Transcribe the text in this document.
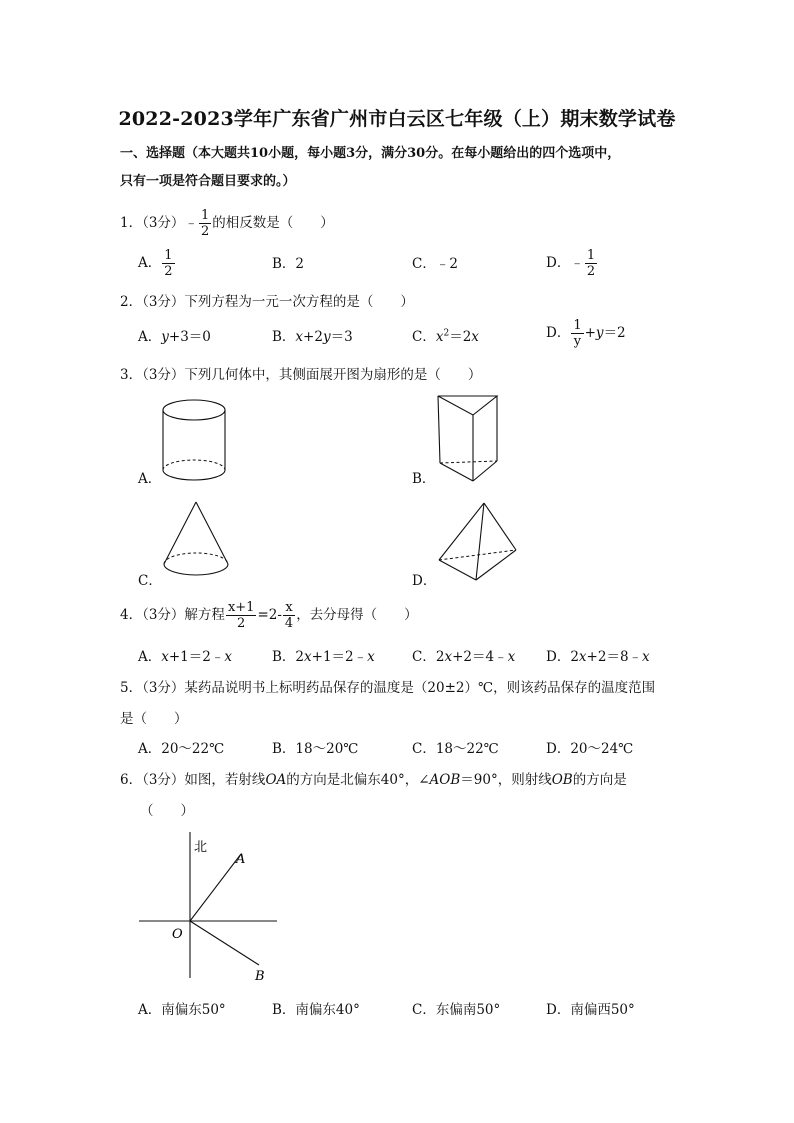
2022-2023学年广东省广州市白云区七年级（上）期末数学试卷
一、选择题（本大题共10小题，每小题3分，满分30分。在每小题给出的四个选项中，
只有一项是符合题目要求的。）
1．（3分）﹣ $\frac{1}{2}$ 的相反数是（　　）
A． $\frac{1}{2}$	B．2	C．﹣2	D．﹣ $\frac{1}{2}$
2．（3分）下列方程为一元一次方程的是（　　）
A．y+3＝0	B．x+2y＝3	C．$x^2=2x$	D． $\frac{1}{y} +y=2$
3．（3分）下列几何体中，其侧面展开图为扇形的是（　　）
A．	B．
C．	D．
4．（3分）解方程 $\frac{x+1}{2} =2- \frac{x}{4}$ ，去分母得（　　）
A．x+1＝2﹣x	B．2x+1＝2﹣x	C．2x+2＝4﹣x D．2x+2＝8﹣x
5．（3分）某药品说明书上标明药品保存的温度是（20±2）℃，则该药品保存的温度范围
是（　　）
A．20～22℃	B．18～20℃	C．18～22℃	D．20～24℃
6．（3分）如图，若射线OA的方向是北偏东40°，∠AOB＝90°，则射线OB的方向是
（　　）
北
A
O
B
A．南偏东50°	B．南偏东40°	C．东偏南50°	D．南偏西50°
